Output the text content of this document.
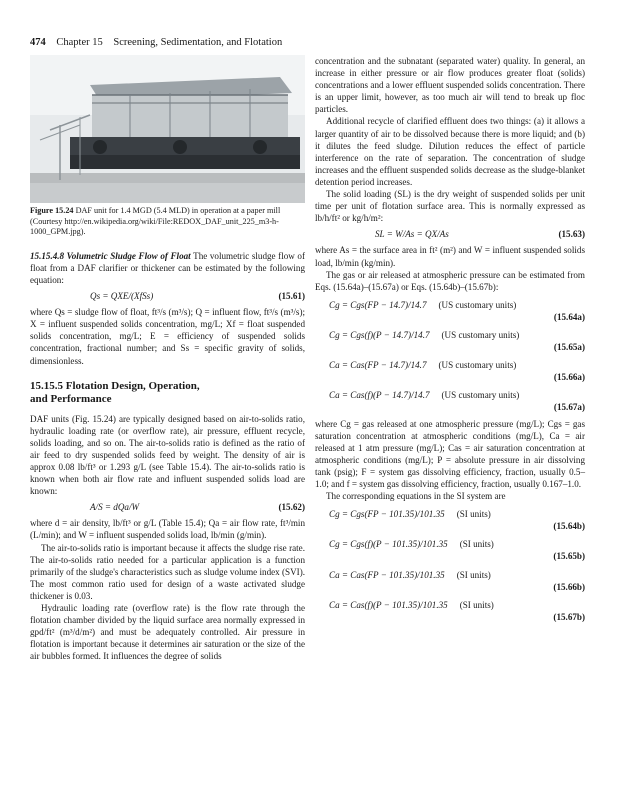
474 Chapter 15 Screening, Sedimentation, and Flotation

Figure 15.24 DAF unit for 1.4 MGD (5.4 MLD) in operation at a paper mill (Courtesy http://en.wikipedia.org/wiki/File:REDOX_DAF_unit_225_m3-h-1000_GPM.jpg).

15.15.4.8 Volumetric Sludge Flow of Float The volumetric sludge flow of float from a DAF clarifier or thickener can be estimated by the following equation:

Qs = QXE/(XfSs)	(15.61)

where Qs = sludge flow of float, ft³/s (m³/s); Q = influent flow, ft³/s (m³/s); X = influent suspended solids concentration, mg/L; Xf = float suspended solids concentration, mg/L; E = efficiency of suspended solids concentration, fractional number; and Ss = specific gravity of solids, dimensionless.

15.15.5 Flotation Design, Operation,
and Performance

DAF units (Fig. 15.24) are typically designed based on air-to-solids ratio, hydraulic loading rate (or overflow rate), air pressure, effluent recycle, solids loading, and so on. The air-to-solids ratio is defined as the ratio of air feed to dry suspended solids feed by weight. The density of air is approx 0.08 lb/ft³ or 1.293 g/L (see Table 15.4). The air-to-solids ratio is known when both air flow rate and influent suspended solids load are known:

A/S = dQa/W	(15.62)

where d = air density, lb/ft³ or g/L (Table 15.4); Qa = air flow rate, ft³/min (L/min); and W = influent suspended solids load, lb/min (g/min).

The air-to-solids ratio is important because it affects the sludge rise rate. The air-to-solids ratio needed for a particular application is a function primarily of the sludge's characteristics such as sludge volume index (SVI). The most common ratio used for design of a waste activated sludge thickener is 0.03.

Hydraulic loading rate (overflow rate) is the flow rate through the flotation chamber divided by the liquid surface area normally expressed in gpd/ft² (m³/d/m²) and must be adequately controlled. Air pressure in flotation is important because it determines air saturation or the size of the air bubbles formed. It influences the degree of solids

concentration and the subnatant (separated water) quality. In general, an increase in either pressure or air flow produces greater float (solids) concentrations and a lower effluent suspended solids concentration. There is an upper limit, however, as too much air will tend to break up floc particles.

Additional recycle of clarified effluent does two things: (a) it allows a larger quantity of air to be dissolved because there is more liquid; and (b) it dilutes the feed sludge. Dilution reduces the effect of particle interference on the rate of separation. The concentration of sludge increases and the effluent suspended solids decrease as the sludge-blanket detention period increases.

The solid loading (SL) is the dry weight of suspended solids per unit time per unit of flotation surface area. This is normally expressed as lb/h/ft² or kg/h/m²:

SL = W/As = QX/As	(15.63)

where As = the surface area in ft² (m²) and W = influent suspended solids load, lb/min (kg/min).

The gas or air released at atmospheric pressure can be estimated from Eqs. (15.64a)–(15.67a) or Eqs. (15.64b)–(15.67b):

Cg = Cgs(FP − 14.7)/14.7 (US customary units)
(15.64a)
Cg = Cgs(f)(P − 14.7)/14.7 (US customary units)
(15.65a)
Ca = Cas(FP − 14.7)/14.7 (US customary units)
(15.66a)
Ca = Cas(f)(P − 14.7)/14.7 (US customary units)
(15.67a)

where Cg = gas released at one atmospheric pressure (mg/L); Cgs = gas saturation concentration at atmospheric conditions (mg/L), Ca = air released at 1 atm pressure (mg/L); Cas = air saturation concentration at atmospheric conditions (mg/L); P = absolute pressure in air dissolving tank (psig); F = system gas dissolving efficiency, fraction, usually 0.5–1.0; and f = system gas dissolving efficiency, fraction, usually 0.167–1.0.

The corresponding equations in the SI system are

Cg = Cgs(FP − 101.35)/101.35 (SI units)
(15.64b)
Cg = Cgs(f)(P − 101.35)/101.35 (SI units)
(15.65b)
Ca = Cas(FP − 101.35)/101.35 (SI units)
(15.66b)
Ca = Cas(f)(P − 101.35)/101.35 (SI units)
(15.67b)
